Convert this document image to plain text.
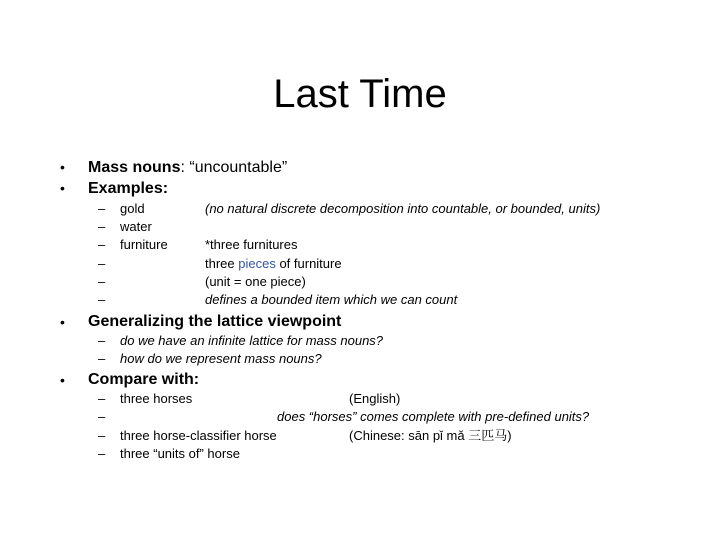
Last Time
• Mass nouns: “uncountable”
• Examples:
– gold	(no natural discrete decomposition into countable, or bounded, units)
– water
– furniture	*three furnitures
–	three pieces of furniture
–	(unit = one piece)
–	defines a bounded item which we can count
• Generalizing the lattice viewpoint
– do we have an infinite lattice for mass nouns?
– how do we represent mass nouns?
• Compare with:
– three horses	(English)
–	does “horses” comes complete with pre-defined units?
– three horse-classifier horse	(Chinese: sān pǐ mǎ 三匹马)
– three “units of” horse
